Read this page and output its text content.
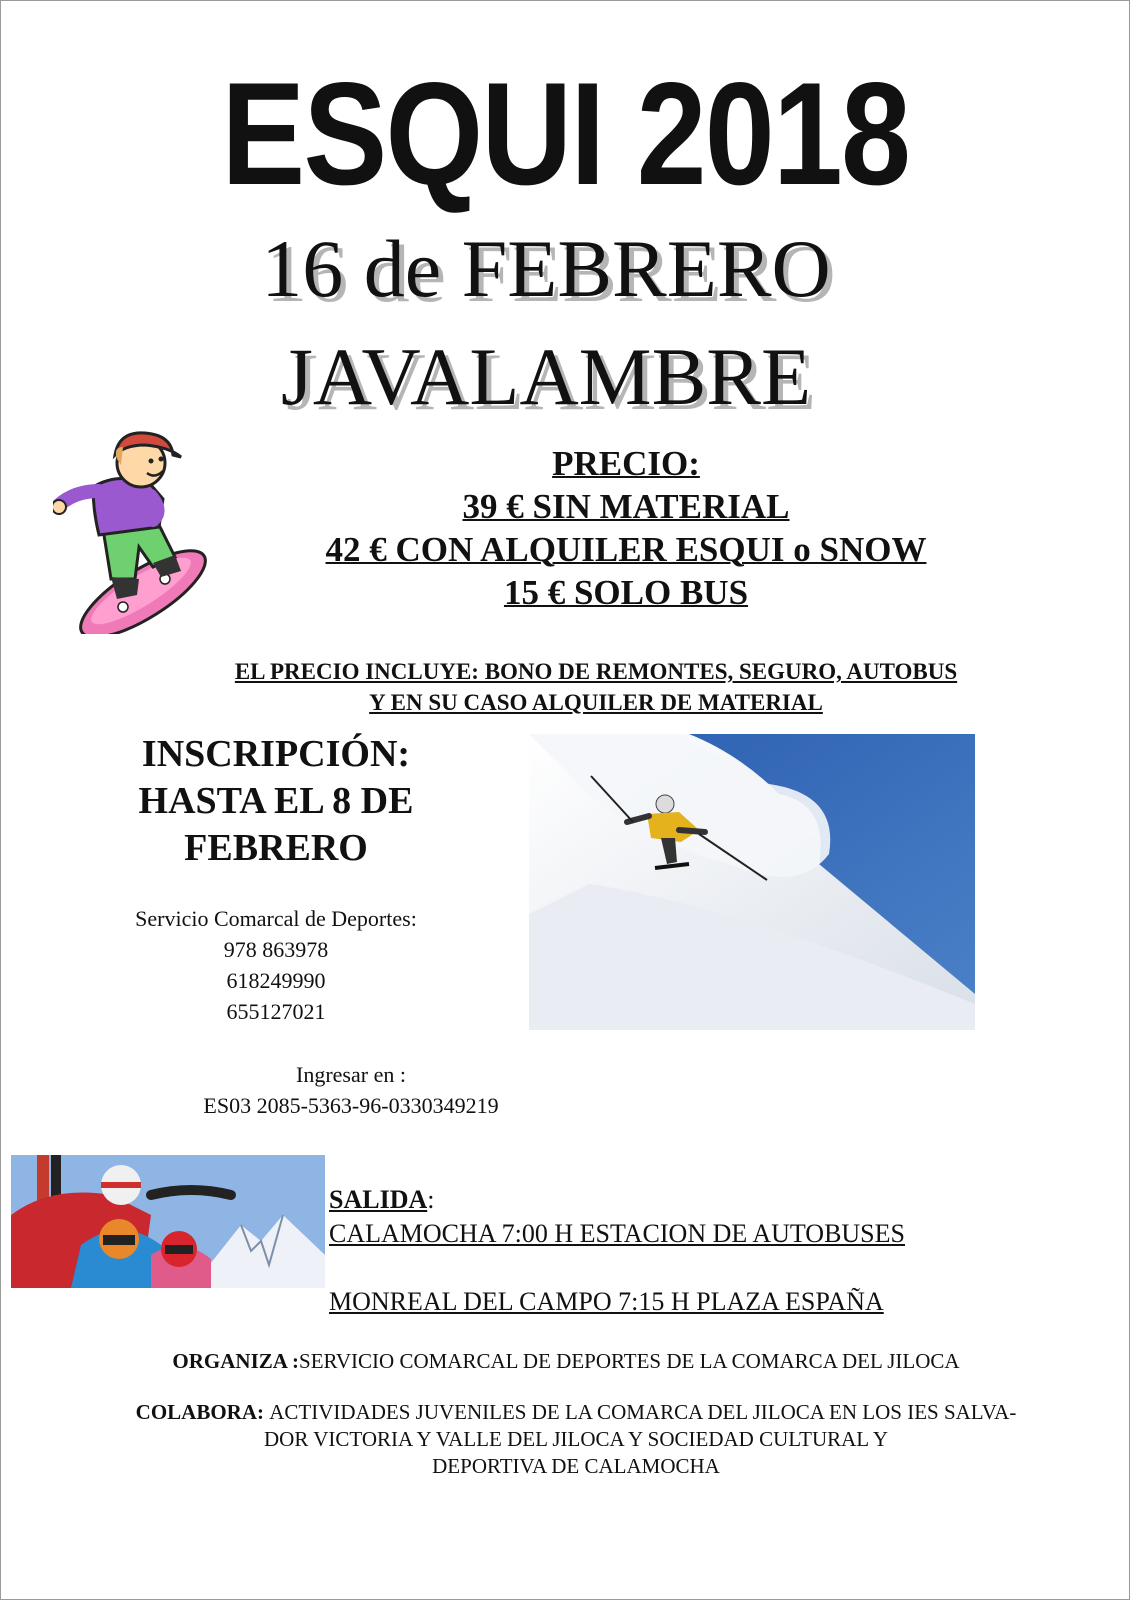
ESQUI 2018
16 de FEBRERO
JAVALAMBRE
PRECIO:
39 € SIN MATERIAL
42 € CON ALQUILER ESQUI o SNOW
15 € SOLO BUS
EL PRECIO INCLUYE: BONO DE REMONTES, SEGURO, AUTOBUS
Y EN SU CASO ALQUILER DE MATERIAL
INSCRIPCIÓN:
HASTA EL 8 DE
FEBRERO
Servicio Comarcal de Deportes:
978 863978
618249990
655127021
Ingresar en :
ES03 2085-5363-96-0330349219
SALIDA:
CALAMOCHA 7:00 H ESTACION DE AUTOBUSES
MONREAL DEL CAMPO 7:15 H PLAZA ESPAÑA
ORGANIZA :SERVICIO COMARCAL DE DEPORTES DE LA COMARCA DEL JILOCA
COLABORA: ACTIVIDADES JUVENILES DE LA COMARCA DEL JILOCA EN LOS IES SALVA-
DOR VICTORIA Y VALLE DEL JILOCA Y SOCIEDAD CULTURAL Y
DEPORTIVA DE CALAMOCHA
